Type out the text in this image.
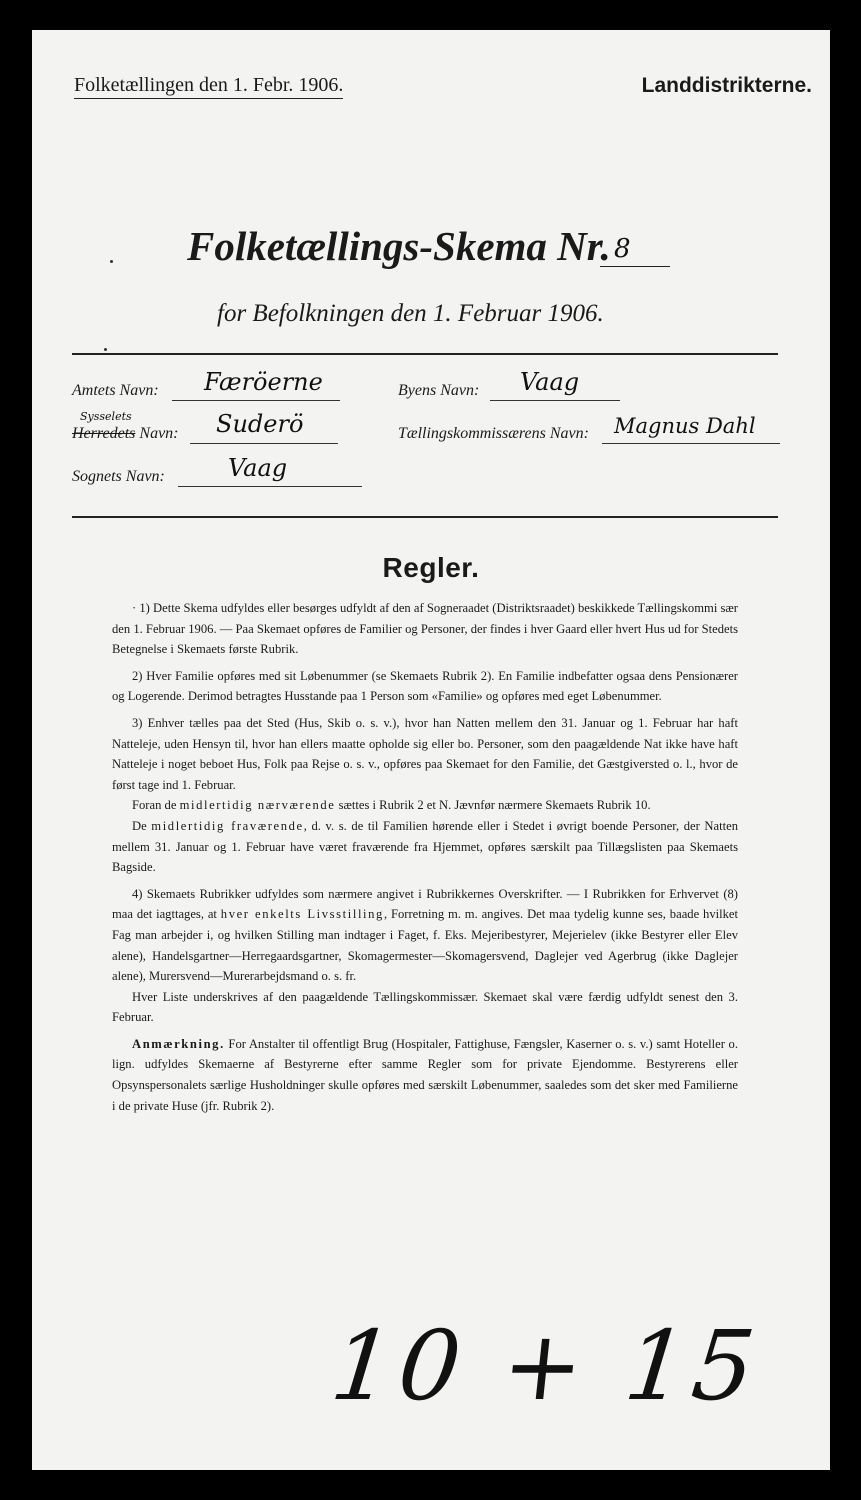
Folketællingen den 1. Febr. 1906.	Landdistrikterne.
Folketællings-Skema Nr. 8
for Befolkningen den 1. Februar 1906.
Amtets Navn: Færöerne	Byens Navn: Vaag
Sysselets
Herredets Navn: Suderö	Tællingskommissærens Navn: Magnus Dahl
Sognets Navn:	Vaag
Regler.

· 1) Dette Skema udfyldes eller besørges udfyldt af den af Sogneraadet (Distriktsraadet) beskikkede Tællingskommi sær den 1. Februar 1906. — Paa Skemaet opføres de Familier og Personer, der findes i hver Gaard eller hvert Hus ud for Stedets Betegnelse i Skemaets første Rubrik.

2) Hver Familie opføres med sit Løbenummer (se Skemaets Rubrik 2). En Familie indbefatter ogsaa dens Pensionærer og Logerende. Derimod betragtes Husstande paa 1 Person som «Familie» og opføres med eget Løbenummer.

3) Enhver tælles paa det Sted (Hus, Skib o. s. v.), hvor han Natten mellem den 31. Januar og 1. Februar har haft Natteleje, uden Hensyn til, hvor han ellers maatte opholde sig eller bo. Personer, som den paagældende Nat ikke have haft Natteleje i noget beboet Hus, Folk paa Rejse o. s. v., opføres paa Skemaet for den Familie, det Gæstgiversted o. l., hvor de først tage ind 1. Februar.

Foran de midlertidig nærværende sættes i Rubrik 2 et N. Jævnfør nærmere Skemaets Rubrik 10.

De midlertidig fraværende, d. v. s. de til Familien hørende eller i Stedet i øvrigt boende Personer, der Natten mellem 31. Januar og 1. Februar have været fraværende fra Hjemmet, opføres særskilt paa Tillægslisten paa Skemaets Bagside.

4) Skemaets Rubrikker udfyldes som nærmere angivet i Rubrikkernes Overskrifter. — I Rubrikken for Erhvervet (8) maa det iagttages, at hver enkelts Livsstilling, Forretning m. m. angives. Det maa tydelig kunne ses, baade hvilket Fag man arbejder i, og hvilken Stilling man indtager i Faget, f. Eks. Mejeribestyrer, Mejerielev (ikke Bestyrer eller Elev alene), Handelsgartner—Herregaardsgartner, Skomagermester—Skomagersvend, Daglejer ved Agerbrug (ikke Daglejer alene), Murersvend—Murerarbejdsmand o. s. fr.

Hver Liste underskrives af den paagældende Tællingskommissær. Skemaet skal være færdig udfyldt senest den 3. Februar.

Anmærkning. For Anstalter til offentligt Brug (Hospitaler, Fattighuse, Fængsler, Kaserner o. s. v.) samt Hoteller o. lign. udfyldes Skemaerne af Bestyrerne efter samme Regler som for private Ejendomme. Bestyrerens eller Opsynspersonalets særlige Husholdninger skulle opføres med særskilt Løbenummer, saaledes som det sker med Familierne i de private Huse (jfr. Rubrik 2).

10 + 15
